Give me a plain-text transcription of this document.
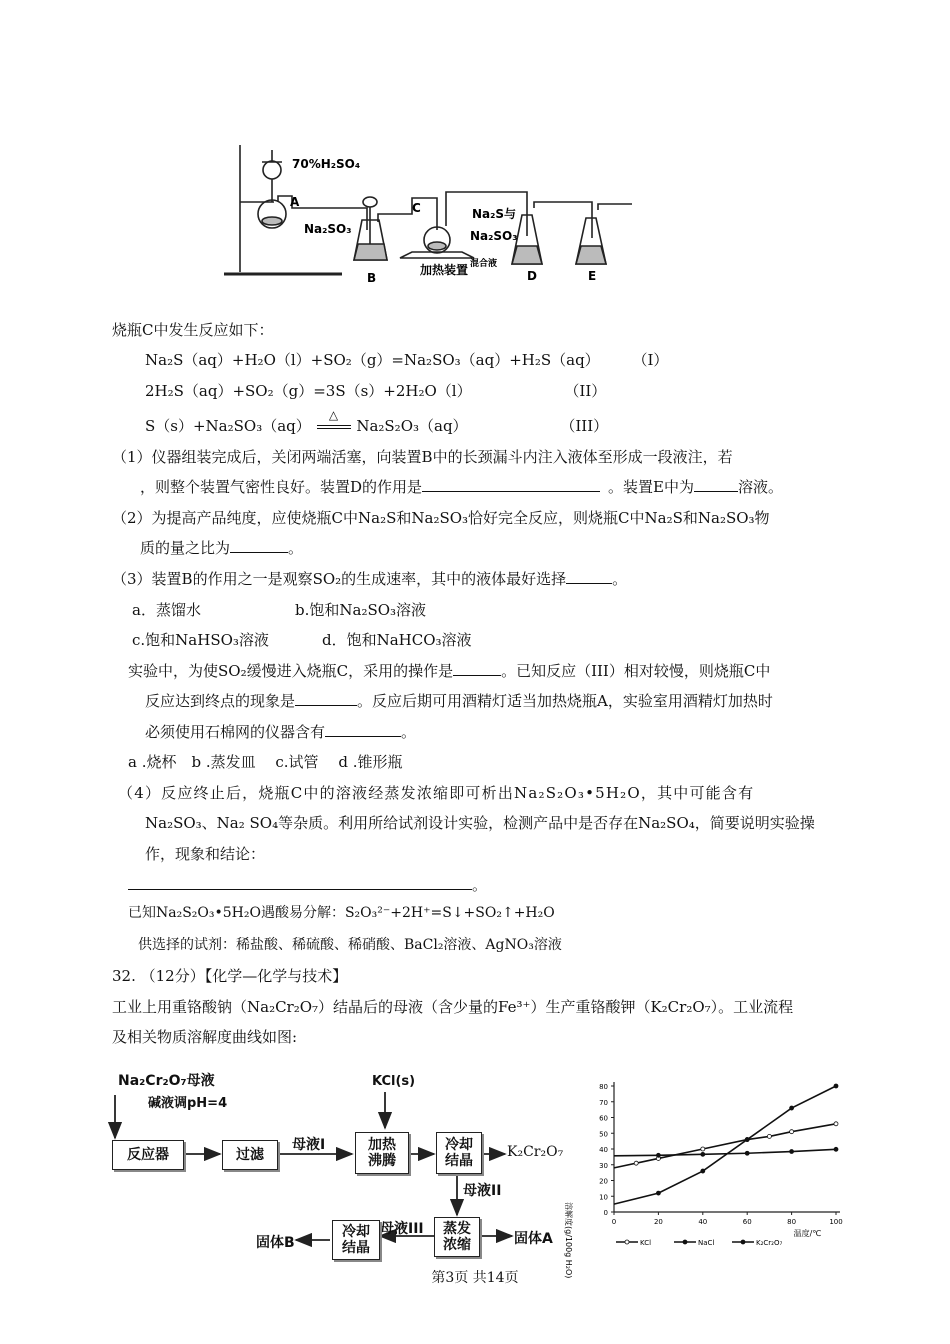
70%H₂SO₄
A
Na₂SO₃
B
C	Na₂S与
Na₂SO₃
加热装置 混合液
D	E
烧瓶C中发生反应如下：
Na₂S（aq）+H₂O（l）+SO₂（g）=Na₂SO₃（aq）+H₂S（aq） （I）
2H₂S（aq）+SO₂（g）=3S（s）+2H₂O（l）	（II）
S（s）+Na₂SO₃（aq）
△
Na₂S₂O₃（aq）	（III）
（1）仪器组装完成后，关闭两端活塞，向装置B中的长颈漏斗内注入液体至形成一段液注，若
，则整个装置气密性良好。装置D的作用是	。装置E中为	溶液。
（2）为提高产品纯度，应使烧瓶C中Na₂S和Na₂SO₃恰好完全反应，则烧瓶C中Na₂S和Na₂SO₃物
质的量之比为	。
（3）装置B的作用之一是观察SO₂的生成速率，其中的液体最好选择	。
a．蒸馏水	b.饱和Na₂SO₃溶液
c.饱和NaHSO₃溶液	d．饱和NaHCO₃溶液
实验中，为使SO₂缓慢进入烧瓶C，采用的操作是	。已知反应（III）相对较慢，则烧瓶C中
反应达到终点的现象是	。反应后期可用酒精灯适当加热烧瓶A，实验室用酒精灯加热时
必须使用石棉网的仪器含有	。
a .烧杯　b .蒸发皿　 c.试管　 d .锥形瓶
（4）反应终止后，烧瓶C中的溶液经蒸发浓缩即可析出Na₂S₂O₃•5H₂O，其中可能含有
Na₂SO₃、Na₂ SO₄等杂质。利用所给试剂设计实验，检测产品中是否存在Na₂SO₄，简要说明实验操
作，现象和结论：
。
已知Na₂S₂O₃•5H₂O遇酸易分解：S₂O₃²⁻+2H⁺=S↓+SO₂↑+H₂O
供选择的试剂：稀盐酸、稀硫酸、稀硝酸、BaCl₂溶液、AgNO₃溶液
32. （12分）【化学—化学与技术】
工业上用重铬酸钠（Na₂Cr₂O₇）结晶后的母液（含少量的Fe³⁺）生产重铬酸钾（K₂Cr₂O₇）。工业流程
及相关物质溶解度曲线如图:
Na₂Cr₂O₇母液
碱液调pH=4
KCl(s)
反应器	过滤
母液I	加热
沸腾
冷却
结晶
K₂Cr₂O₇
母液II
蒸发
浓缩	固体A
母液III
冷却
结晶
固体B
0
10
20
30
40
50
60
70
80
0	20	40	60	80	100
溶解度(g/100g H₂O)	温度/℃
KCl	NaCl	K₂Cr₂O₇
第3页 共14页
